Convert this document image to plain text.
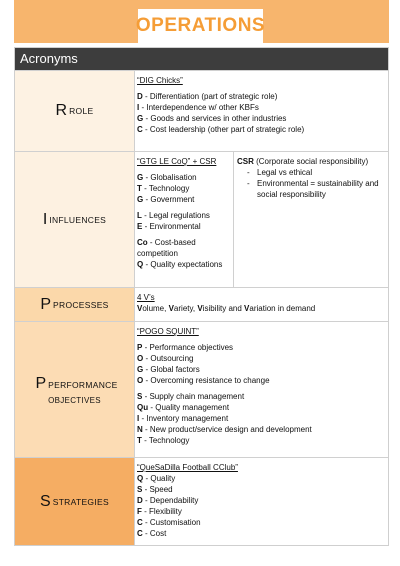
OPERATIONS
Acronyms
R ROLE

“DIG Chicks”

D - Differentiation (part of strategic role)

I - Interdependence w/ other KBFs

G - Goods and services in other industries

C - Cost leadership (other part of strategic role)

I INFLUENCES

“GTG LE CoQ” + CSR

G - Globalisation

T - Technology

G - Government

L - Legal regulations

E - Environmental

Co - Cost-based competition

Q - Quality expectations

CSR (Corporate social responsibility)

- Legal vs ethical
- Environmental = sustainability and social responsibility
P PROCESSES

4 V’s

Volume, Variety, Visibility and Variation in demand

PPERFORMANCE
OBJECTIVES

“POGO SQUINT”

P - Performance objectives

O - Outsourcing

G - Global factors

O - Overcoming resistance to change

S - Supply chain management

Qu - Quality management

I - Inventory management

N - New product/service design and development

T - Technology

S STRATEGIES

“QueSaDilla Football CClub”

Q - Quality

S - Speed

D - Dependability

F - Flexibility

C - Customisation

C - Cost
